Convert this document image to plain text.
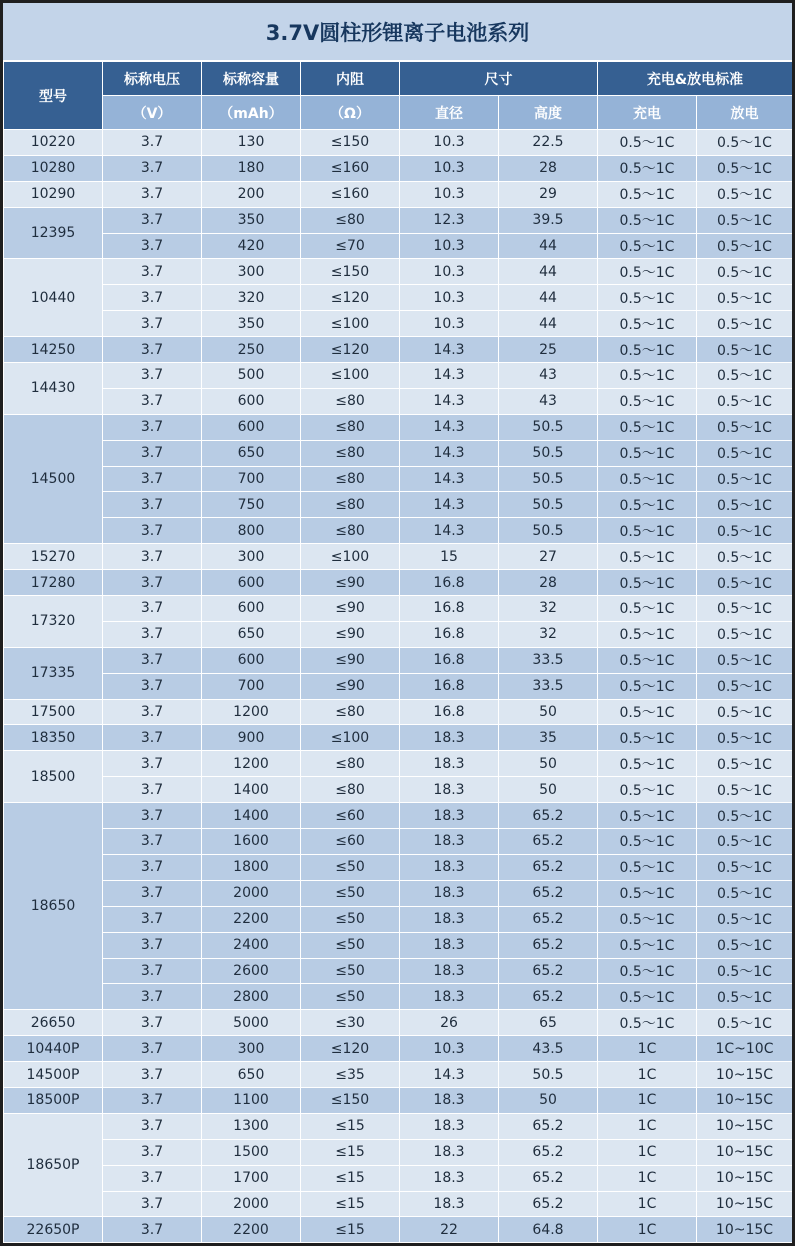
3.7V圆柱形锂离子电池系列
型号	标称电压	标称容量	内阻	尺寸		充电&放电标准	
	（V）	（mAh）	（Ω）	直径	高度	充电	放电
10220	3.7	130	≤150	10.3	22.5	0.5～1C	0.5～1C
10280	3.7	180	≤160	10.3	28	0.5～1C	0.5～1C
10290	3.7	200	≤160	10.3	29	0.5～1C	0.5～1C
12395	3.7	350	≤80	12.3	39.5	0.5～1C	0.5～1C
	3.7	420	≤70	10.3	44	0.5～1C	0.5～1C
10440	3.7	300	≤150	10.3	44	0.5～1C	0.5～1C
	3.7	320	≤120	10.3	44	0.5～1C	0.5～1C
	3.7	350	≤100	10.3	44	0.5～1C	0.5～1C
14250	3.7	250	≤120	14.3	25	0.5～1C	0.5～1C
14430	3.7	500	≤100	14.3	43	0.5～1C	0.5～1C
	3.7	600	≤80	14.3	43	0.5～1C	0.5～1C
14500	3.7	600	≤80	14.3	50.5	0.5～1C	0.5～1C
	3.7	650	≤80	14.3	50.5	0.5～1C	0.5～1C
	3.7	700	≤80	14.3	50.5	0.5～1C	0.5～1C
	3.7	750	≤80	14.3	50.5	0.5～1C	0.5～1C
	3.7	800	≤80	14.3	50.5	0.5～1C	0.5～1C
15270	3.7	300	≤100	15	27	0.5～1C	0.5～1C
17280	3.7	600	≤90	16.8	28	0.5～1C	0.5～1C
17320	3.7	600	≤90	16.8	32	0.5～1C	0.5～1C
	3.7	650	≤90	16.8	32	0.5～1C	0.5～1C
17335	3.7	600	≤90	16.8	33.5	0.5～1C	0.5～1C
	3.7	700	≤90	16.8	33.5	0.5～1C	0.5～1C
17500	3.7	1200	≤80	16.8	50	0.5～1C	0.5～1C
18350	3.7	900	≤100	18.3	35	0.5～1C	0.5～1C
18500	3.7	1200	≤80	18.3	50	0.5～1C	0.5～1C
	3.7	1400	≤80	18.3	50	0.5～1C	0.5～1C
18650	3.7	1400	≤60	18.3	65.2	0.5～1C	0.5～1C
	3.7	1600	≤60	18.3	65.2	0.5～1C	0.5～1C
	3.7	1800	≤50	18.3	65.2	0.5～1C	0.5～1C
	3.7	2000	≤50	18.3	65.2	0.5～1C	0.5～1C
	3.7	2200	≤50	18.3	65.2	0.5～1C	0.5～1C
	3.7	2400	≤50	18.3	65.2	0.5～1C	0.5～1C
	3.7	2600	≤50	18.3	65.2	0.5～1C	0.5～1C
	3.7	2800	≤50	18.3	65.2	0.5～1C	0.5～1C
26650	3.7	5000	≤30	26	65	0.5～1C	0.5～1C
10440P	3.7	300	≤120	10.3	43.5	1C	1C~10C
14500P	3.7	650	≤35	14.3	50.5	1C	10~15C
18500P	3.7	1100	≤150	18.3	50	1C	10~15C
18650P	3.7	1300	≤15	18.3	65.2	1C	10~15C
	3.7	1500	≤15	18.3	65.2	1C	10~15C
	3.7	1700	≤15	18.3	65.2	1C	10~15C
	3.7	2000	≤15	18.3	65.2	1C	10~15C
22650P	3.7	2200	≤15	22	64.8	1C	10~15C
